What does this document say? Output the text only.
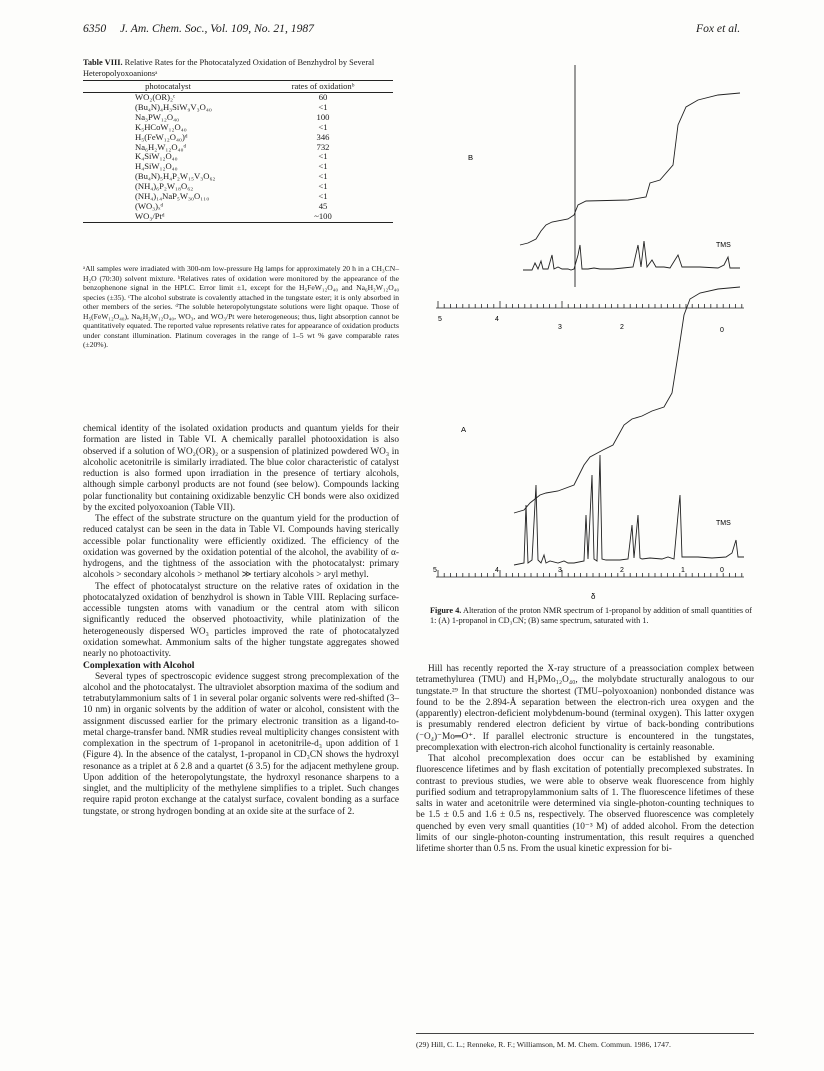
6350 J. Am. Chem. Soc., Vol. 109, No. 21, 1987	Fox et al.
Table VIII. Relative Rates for the Photocatalyzed Oxidation of Benzhydrol by Several Heteropolyoxoanionsᵃ
photocatalyst	rates of oxidationᵇ
WO₂(OR)₂ᶜ	60
(Bu₄N)₄H₃SiW₉V₃O₄₀	<1
Na₃PW₁₂O₄₀	100
K₅HCoW₁₂O₄₀	<1
H₅(FeW₁₂O₄₀)ᵈ	346
Na₆H₂W₁₂O₄₀ᵈ	732
K₄SiW₁₂O₄₀	<1
H₄SiW₁₂O₄₀	<1
(Bu₄N)₅H₄P₂W₁₅V₃O₆₂	<1
(NH₄)₆P₂W₁₈O₆₂	<1
(NH₄)₁₄NaP₅W₃₀O₁₁₀	<1
(WO₃)ₓᵈ	45
WO₃/Ptᵈ	~100
ᵃAll samples were irradiated with 300-nm low-pressure Hg lamps for approximately 20 h in a CH₃CN–H₂O (70:30) solvent mixture. ᵇRelatives rates of oxidation were monitored by the appearance of the benzophenone signal in the HPLC. Error limit ±1, except for the H₅FeW₁₂O₄₀ and Na₆H₂W₁₂O₄₀ species (±35). ᶜThe alcohol substrate is covalently attached in the tungstate ester; it is only absorbed in other members of the series. ᵈThe soluble heteropolytungstate solutions were light opaque. Those of H₅(FeW₁₂O₄₀), Na₆H₂W₁₂O₄₀, WO₃, and WO₃/Pt were heterogeneous; thus, light absorption cannot be quantitatively equated. The reported value represents relative rates for appearance of oxidation products under constant illumination. Platinum coverages in the range of 1–5 wt % gave comparable rates (±20%).

chemical identity of the isolated oxidation products and quantum yields for their formation are listed in Table VI. A chemically parallel photooxidation is also observed if a solution of WO₂(OR)₂ or a suspension of platinized powdered WO₃ in alcoholic acetonitrile is similarly irradiated. The blue color characteristic of catalyst reduction is also formed upon irradiation in the presence of tertiary alcohols, although simple carbonyl products are not found (see below). Compounds lacking polar functionality but containing oxidizable benzylic CH bonds were also oxidized by the excited polyoxoanion (Table VII).

The effect of the substrate structure on the quantum yield for the production of reduced catalyst can be seen in the data in Table VI. Compounds having sterically accessible polar functionality were efficiently oxidized. The efficiency of the oxidation was governed by the oxidation potential of the alcohol, the avability of α-hydrogens, and the tightness of the association with the photocatalyst: primary alcohols > secondary alcohols > methanol ≫ tertiary alcohols > aryl methyl.

The effect of photocatalyst structure on the relative rates of oxidation in the photocatalyzed oxidation of benzhydrol is shown in Table VIII. Replacing surface-accessible tungsten atoms with vanadium or the central atom with silicon significantly reduced the observed photoactivity, while platinization of the heterogeneously dispersed WO₃ particles improved the rate of photocatalyzed oxidation somewhat. Ammonium salts of the higher tungstate aggregates showed nearly no photoactivity.

Complexation with Alcohol

Several types of spectroscopic evidence suggest strong precomplexation of the alcohol and the photocatalyst. The ultraviolet absorption maxima of the sodium and tetrabutylammonium salts of 1 in several polar organic solvents were red-shifted (3–10 nm) in organic solvents by the addition of water or alcohol, consistent with the assignment discussed earlier for the primary electronic transition as a ligand-to-metal charge-transfer band. NMR studies reveal multiplicity changes consistent with complexation in the spectrum of 1-propanol in acetonitrile-d₃ upon addition of 1 (Figure 4). In the absence of the catalyst, 1-propanol in CD₃CN shows the hydroxyl resonance as a triplet at δ 2.8 and a quartet (δ 3.5) for the adjacent methylene group. Upon addition of the heteropolytungstate, the hydroxyl resonance sharpens to a singlet, and the multiplicity of the methylene simplifies to a triplet. Such changes require rapid proton exchange at the catalyst surface, covalent bonding as a surface tungstate, or strong hydrogen bonding at an oxide site at the surface of 2.

B
TMS
5	4
3	2	0
A
TMS
5	4	3	2	1	0
δ
Figure 4. Alteration of the proton NMR spectrum of 1-propanol by addition of small quantities of 1: (A) 1-propanol in CD₃CN; (B) same spectrum, saturated with 1.

Hill has recently reported the X-ray structure of a preassociation complex between tetramethylurea (TMU) and H₃PMo₁₂O₄₀, the molybdate structurally analogous to our tungstate.²⁹ In that structure the shortest (TMU–polyoxoanion) nonbonded distance was found to be the 2.894-Å separation between the electron-rich urea oxygen and the (apparently) electron-deficient molybdenum-bound (terminal oxygen). This latter oxygen is presumably rendered electron deficient by virtue of back-bonding contributions (⁻O₄)⁻Mo═O⁺. If parallel electronic structure is encountered in the tungstates, precomplexation with electron-rich alcohol functionality is certainly reasonable.

That alcohol precomplexation does occur can be established by examining fluorescence lifetimes and by flash excitation of potentially precomplexed substrates. In contrast to previous studies, we were able to observe weak fluorescence from highly purified sodium and tetrapropylammonium salts of 1. The fluorescence lifetimes of these salts in water and acetonitrile were determined via single-photon-counting techniques to be 1.5 ± 0.5 and 1.6 ± 0.5 ns, respectively. The observed fluorescence was completely quenched by even very small quantities (10⁻³ M) of added alcohol. From the detection limits of our single-photon-counting instrumentation, this result requires a quenched lifetime shorter than 0.5 ns. From the usual kinetic expression for bi-

(29) Hill, C. L.; Renneke, R. F.; Williamson, M. M. Chem. Commun. 1986, 1747.
